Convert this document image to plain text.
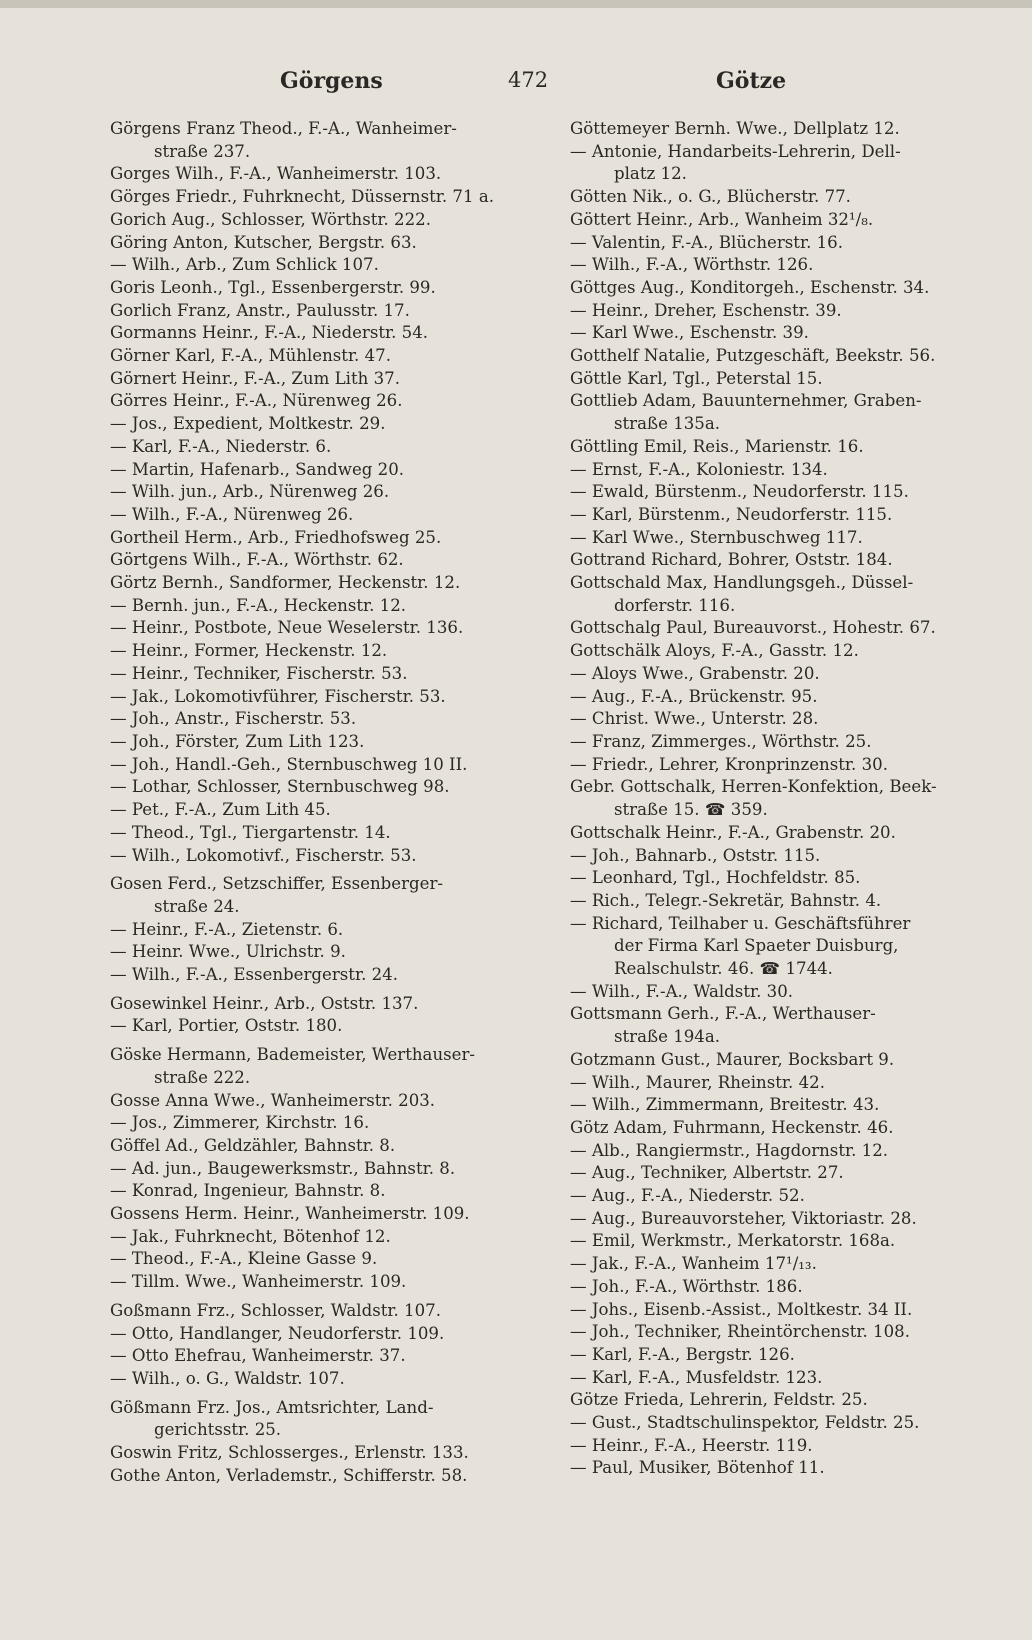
Görgens	472	Götze
Görgens Franz Theod., F.-A., Wanheimer-
straße 237.
Gorges Wilh., F.-A., Wanheimerstr. 103.
Görges Friedr., Fuhrknecht, Düssernstr. 71 a.
Gorich Aug., Schlosser, Wörthstr. 222.
Göring Anton, Kutscher, Bergstr. 63.
— Wilh., Arb., Zum Schlick 107.
Goris Leonh., Tgl., Essenbergerstr. 99.
Gorlich Franz, Anstr., Paulusstr. 17.
Gormanns Heinr., F.-A., Niederstr. 54.
Görner Karl, F.-A., Mühlenstr. 47.
Görnert Heinr., F.-A., Zum Lith 37.
Görres Heinr., F.-A., Nürenweg 26.
— Jos., Expedient, Moltkestr. 29.
— Karl, F.-A., Niederstr. 6.
— Martin, Hafenarb., Sandweg 20.
— Wilh. jun., Arb., Nürenweg 26.
— Wilh., F.-A., Nürenweg 26.
Gortheil Herm., Arb., Friedhofsweg 25.
Görtgens Wilh., F.-A., Wörthstr. 62.
Görtz Bernh., Sandformer, Heckenstr. 12.
— Bernh. jun., F.-A., Heckenstr. 12.
— Heinr., Postbote, Neue Weselerstr. 136.
— Heinr., Former, Heckenstr. 12.
— Heinr., Techniker, Fischerstr. 53.
— Jak., Lokomotivführer, Fischerstr. 53.
— Joh., Anstr., Fischerstr. 53.
— Joh., Förster, Zum Lith 123.
— Joh., Handl.-Geh., Sternbuschweg 10 II.
— Lothar, Schlosser, Sternbuschweg 98.
— Pet., F.-A., Zum Lith 45.
— Theod., Tgl., Tiergartenstr. 14.
— Wilh., Lokomotivf., Fischerstr. 53.
Gosen Ferd., Setzschiffer, Essenberger-
straße 24.
— Heinr., F.-A., Zietenstr. 6.
— Heinr. Wwe., Ulrichstr. 9.
— Wilh., F.-A., Essenbergerstr. 24.
Gosewinkel Heinr., Arb., Oststr. 137.
— Karl, Portier, Oststr. 180.
Göske Hermann, Bademeister, Werthauser-
straße 222.
Gosse Anna Wwe., Wanheimerstr. 203.
— Jos., Zimmerer, Kirchstr. 16.
Göffel Ad., Geldzähler, Bahnstr. 8.
— Ad. jun., Baugewerksmstr., Bahnstr. 8.
— Konrad, Ingenieur, Bahnstr. 8.
Gossens Herm. Heinr., Wanheimerstr. 109.
— Jak., Fuhrknecht, Bötenhof 12.
— Theod., F.-A., Kleine Gasse 9.
— Tillm. Wwe., Wanheimerstr. 109.
Goßmann Frz., Schlosser, Waldstr. 107.
— Otto, Handlanger, Neudorferstr. 109.
— Otto Ehefrau, Wanheimerstr. 37.
— Wilh., o. G., Waldstr. 107.
Gößmann Frz. Jos., Amtsrichter, Land-
gerichtsstr. 25.
Goswin Fritz, Schlosserges., Erlenstr. 133.
Gothe Anton, Verlademstr., Schifferstr. 58.
Göttemeyer Bernh. Wwe., Dellplatz 12.
— Antonie, Handarbeits-Lehrerin, Dell-
platz 12.
Götten Nik., o. G., Blücherstr. 77.
Göttert Heinr., Arb., Wanheim 32¹/₈.
— Valentin, F.-A., Blücherstr. 16.
— Wilh., F.-A., Wörthstr. 126.
Göttges Aug., Konditorgeh., Eschenstr. 34.
— Heinr., Dreher, Eschenstr. 39.
— Karl Wwe., Eschenstr. 39.
Gotthelf Natalie, Putzgeschäft, Beekstr. 56.
Göttle Karl, Tgl., Peterstal 15.
Gottlieb Adam, Bauunternehmer, Graben-
straße 135a.
Göttling Emil, Reis., Marienstr. 16.
— Ernst, F.-A., Koloniestr. 134.
— Ewald, Bürstenm., Neudorferstr. 115.
— Karl, Bürstenm., Neudorferstr. 115.
— Karl Wwe., Sternbuschweg 117.
Gottrand Richard, Bohrer, Oststr. 184.
Gottschald Max, Handlungsgeh., Düssel-
dorferstr. 116.
Gottschalg Paul, Bureauvorst., Hohestr. 67.
Gottschälk Aloys, F.-A., Gasstr. 12.
— Aloys Wwe., Grabenstr. 20.
— Aug., F.-A., Brückenstr. 95.
— Christ. Wwe., Unterstr. 28.
— Franz, Zimmerges., Wörthstr. 25.
— Friedr., Lehrer, Kronprinzenstr. 30.
Gebr. Gottschalk, Herren-Konfektion, Beek-
straße 15. ☎ 359.
Gottschalk Heinr., F.-A., Grabenstr. 20.
— Joh., Bahnarb., Oststr. 115.
— Leonhard, Tgl., Hochfeldstr. 85.
— Rich., Telegr.-Sekretär, Bahnstr. 4.
— Richard, Teilhaber u. Geschäftsführer
der Firma Karl Spaeter Duisburg,
Realschulstr. 46. ☎ 1744.
— Wilh., F.-A., Waldstr. 30.
Gottsmann Gerh., F.-A., Werthauser-
straße 194a.
Gotzmann Gust., Maurer, Bocksbart 9.
— Wilh., Maurer, Rheinstr. 42.
— Wilh., Zimmermann, Breitestr. 43.
Götz Adam, Fuhrmann, Heckenstr. 46.
— Alb., Rangiermstr., Hagdornstr. 12.
— Aug., Techniker, Albertstr. 27.
— Aug., F.-A., Niederstr. 52.
— Aug., Bureauvorsteher, Viktoriastr. 28.
— Emil, Werkmstr., Merkatorstr. 168a.
— Jak., F.-A., Wanheim 17¹/₁₃.
— Joh., F.-A., Wörthstr. 186.
— Johs., Eisenb.-Assist., Moltkestr. 34 II.
— Joh., Techniker, Rheintörchenstr. 108.
— Karl, F.-A., Bergstr. 126.
— Karl, F.-A., Musfeldstr. 123.
Götze Frieda, Lehrerin, Feldstr. 25.
— Gust., Stadtschulinspektor, Feldstr. 25.
— Heinr., F.-A., Heerstr. 119.
— Paul, Musiker, Bötenhof 11.
